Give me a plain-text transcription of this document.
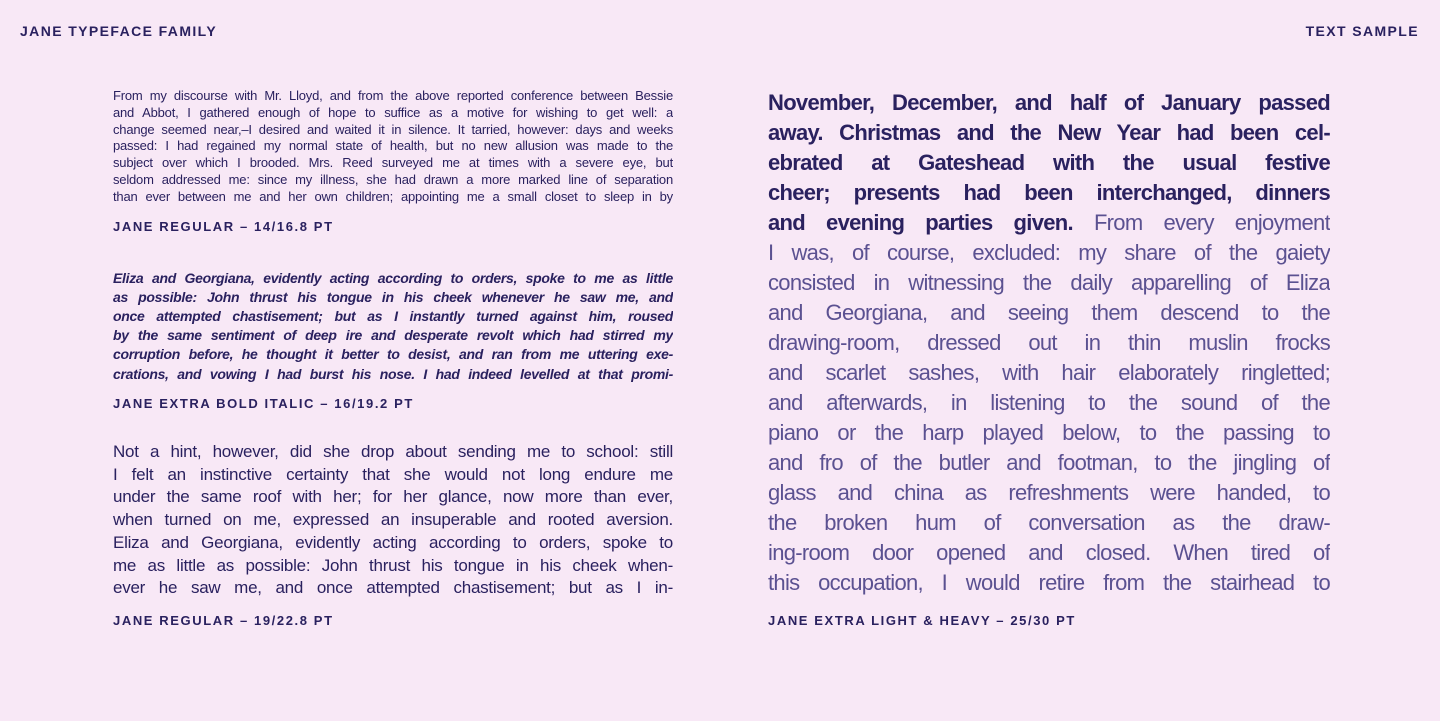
JANE TYPEFACE FAMILY	TEXT SAMPLE
From my discourse with Mr. Lloyd, and from the above reported conference between Bessie
and Abbot, I gathered enough of hope to suffice as a motive for wishing to get well: a
change seemed near,–I desired and waited it in silence. It tarried, however: days and weeks
passed: I had regained my normal state of health, but no new allusion was made to the
subject over which I brooded. Mrs. Reed surveyed me at times with a severe eye, but
seldom addressed me: since my illness, she had drawn a more marked line of separation
than ever between me and her own children; appointing me a small closet to sleep in by
JANE REGULAR – 14/16.8 PT
Eliza and Georgiana, evidently acting according to orders, spoke to me as little
as possible: John thrust his tongue in his cheek whenever he saw me, and
once attempted chastisement; but as I instantly turned against him, roused
by the same sentiment of deep ire and desperate revolt which had stirred my
corruption before, he thought it better to desist, and ran from me uttering exe-
crations, and vowing I had burst his nose. I had indeed levelled at that promi-
JANE EXTRA BOLD ITALIC – 16/19.2 PT
Not a hint, however, did she drop about sending me to school: still
I felt an instinctive certainty that she would not long endure me
under the same roof with her; for her glance, now more than ever,
when turned on me, expressed an insuperable and rooted aversion.
Eliza and Georgiana, evidently acting according to orders, spoke to
me as little as possible: John thrust his tongue in his cheek when-
ever he saw me, and once attempted chastisement; but as I in-
JANE REGULAR – 19/22.8 PT
November, December, and half of January passed
away. Christmas and the New Year had been cel-
ebrated at Gateshead with the usual festive
cheer; presents had been interchanged, dinners
and evening parties given. From every enjoyment
I was, of course, excluded: my share of the gaiety
consisted in witnessing the daily apparelling of Eliza
and Georgiana, and seeing them descend to the
drawing-room, dressed out in thin muslin frocks
and scarlet sashes, with hair elaborately ringletted;
and afterwards, in listening to the sound of the
piano or the harp played below, to the passing to
and fro of the butler and footman, to the jingling of
glass and china as refreshments were handed, to
the broken hum of conversation as the draw-
ing-room door opened and closed. When tired of
this occupation, I would retire from the stairhead to
JANE EXTRA LIGHT & HEAVY – 25/30 PT
